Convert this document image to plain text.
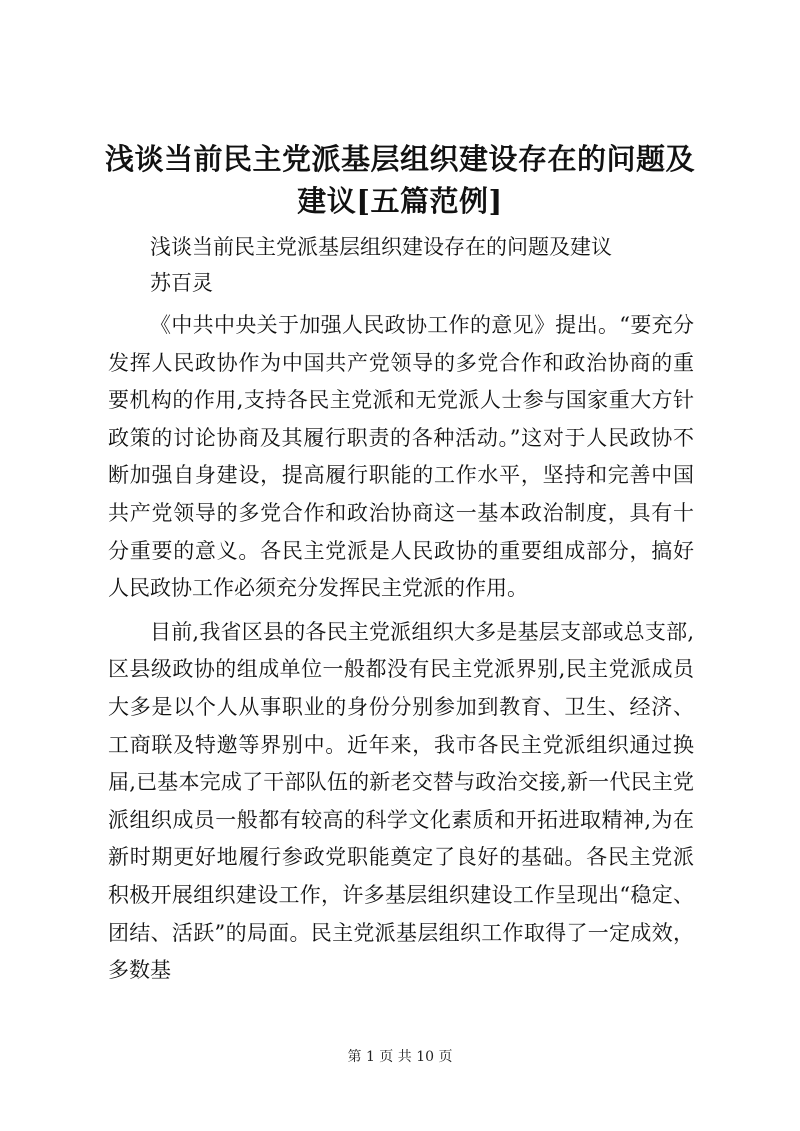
浅谈当前民主党派基层组织建设存在的问题及建议[五篇范例]

浅谈当前民主党派基层组织建设存在的问题及建议

苏百灵

《中共中央关于加强人民政协工作的意见》提出。“要充分发挥人民政协作为中国共产党领导的多党合作和政治协商的重要机构的作用,支持各民主党派和无党派人士参与国家重大方针政策的讨论协商及其履行职责的各种活动。”这对于人民政协不断加强自身建设，提高履行职能的工作水平，坚持和完善中国共产党领导的多党合作和政治协商这一基本政治制度，具有十分重要的意义。各民主党派是人民政协的重要组成部分，搞好人民政协工作必须充分发挥民主党派的作用。

目前,我省区县的各民主党派组织大多是基层支部或总支部,区县级政协的组成单位一般都没有民主党派界别,民主党派成员大多是以个人从事职业的身份分别参加到教育、卫生、经济、工商联及特邀等界别中。近年来，我市各民主党派组织通过换届,已基本完成了干部队伍的新老交替与政治交接,新一代民主党派组织成员一般都有较高的科学文化素质和开拓进取精神,为在新时期更好地履行参政党职能奠定了良好的基础。各民主党派积极开展组织建设工作，许多基层组织建设工作呈现出“稳定、团结、活跃”的局面。民主党派基层组织工作取得了一定成效，多数基

第 1 页 共 10 页
